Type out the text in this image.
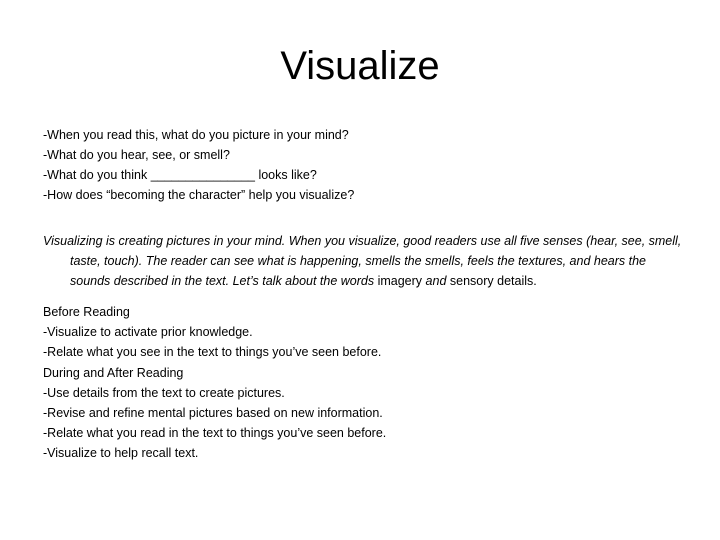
Visualize
-When you read this, what do you picture in your mind?
-What do you hear, see, or smell?
-What do you think _______________ looks like?
-How does “becoming the character” help you visualize?
Visualizing is creating pictures in your mind. When you visualize, good readers use all five senses (hear, see, smell, taste, touch). The reader can see what is happening, smells the smells, feels the textures, and hears the sounds described in the text. Let’s talk about the words imagery and sensory details.
Before Reading
-Visualize to activate prior knowledge.
-Relate what you see in the text to things you’ve seen before.
During and After Reading
-Use details from the text to create pictures.
-Revise and refine mental pictures based on new information.
-Relate what you read in the text to things you’ve seen before.
-Visualize to help recall text.
